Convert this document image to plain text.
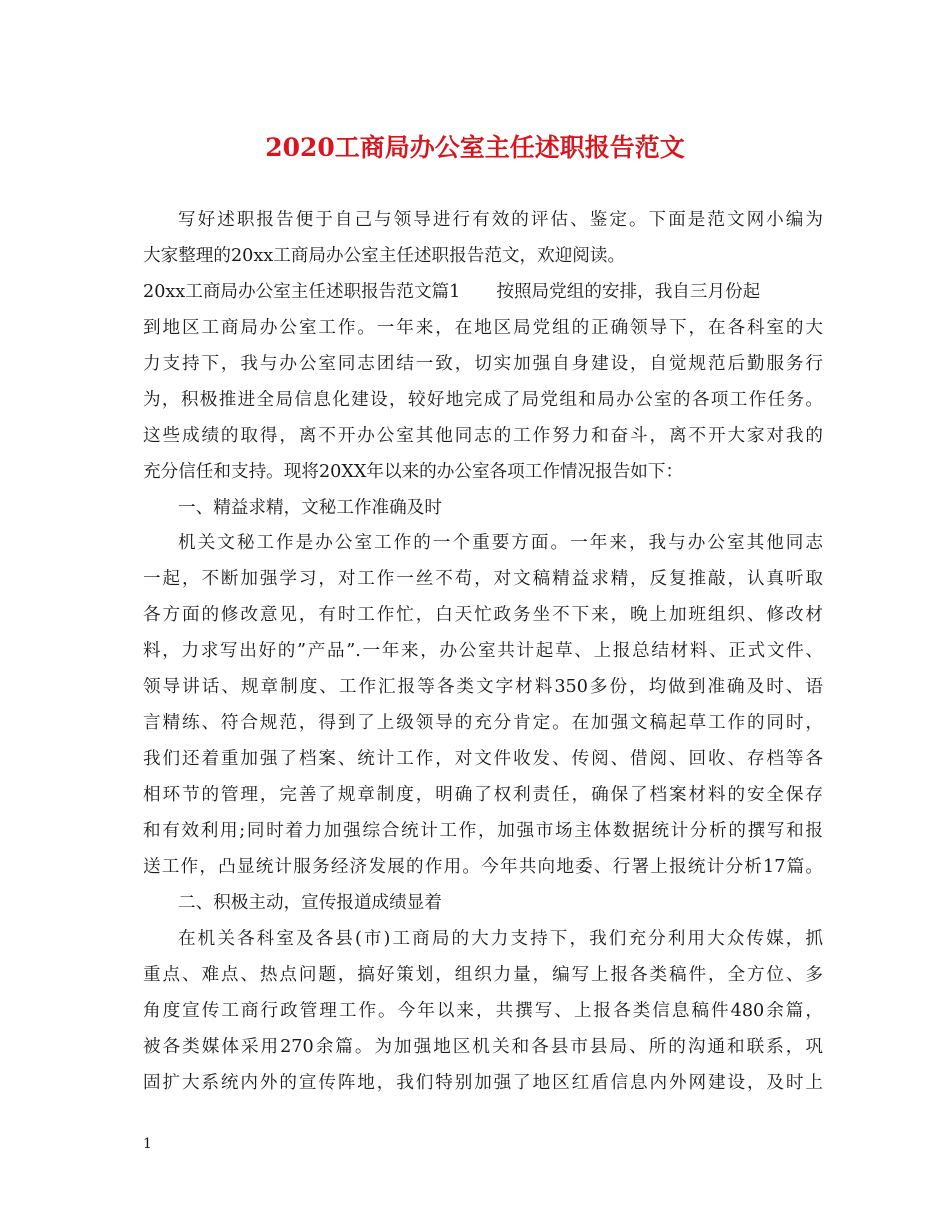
2020工商局办公室主任述职报告范文
写好述职报告便于自己与领导进行有效的评估、鉴定。下面是范文网小编为
大家整理的20xx工商局办公室主任述职报告范文，欢迎阅读。
20xx工商局办公室主任述职报告范文篇1 按照局党组的安排，我自三月份起
到地区工商局办公室工作。一年来，在地区局党组的正确领导下，在各科室的大
力支持下，我与办公室同志团结一致，切实加强自身建设，自觉规范后勤服务行
为，积极推进全局信息化建设，较好地完成了局党组和局办公室的各项工作任务。
这些成绩的取得，离不开办公室其他同志的工作努力和奋斗，离不开大家对我的
充分信任和支持。现将20XX年以来的办公室各项工作情况报告如下：
一、精益求精，文秘工作准确及时
机关文秘工作是办公室工作的一个重要方面。一年来，我与办公室其他同志
一起，不断加强学习，对工作一丝不苟，对文稿精益求精，反复推敲，认真听取
各方面的修改意见，有时工作忙，白天忙政务坐不下来，晚上加班组织、修改材
料，力求写出好的”产品”.一年来，办公室共计起草、上报总结材料、正式文件、
领导讲话、规章制度、工作汇报等各类文字材料350多份，均做到准确及时、语
言精练、符合规范，得到了上级领导的充分肯定。在加强文稿起草工作的同时，
我们还着重加强了档案、统计工作，对文件收发、传阅、借阅、回收、存档等各
相环节的管理，完善了规章制度，明确了权利责任，确保了档案材料的安全保存
和有效利用;同时着力加强综合统计工作，加强市场主体数据统计分析的撰写和报
送工作，凸显统计服务经济发展的作用。今年共向地委、行署上报统计分析17篇。
二、积极主动，宣传报道成绩显着
在机关各科室及各县(市)工商局的大力支持下，我们充分利用大众传媒，抓
重点、难点、热点问题，搞好策划，组织力量，编写上报各类稿件，全方位、多
角度宣传工商行政管理工作。今年以来，共撰写、上报各类信息稿件480余篇，
被各类媒体采用270余篇。为加强地区机关和各县市县局、所的沟通和联系，巩
固扩大系统内外的宣传阵地，我们特别加强了地区红盾信息内外网建设，及时上
1
